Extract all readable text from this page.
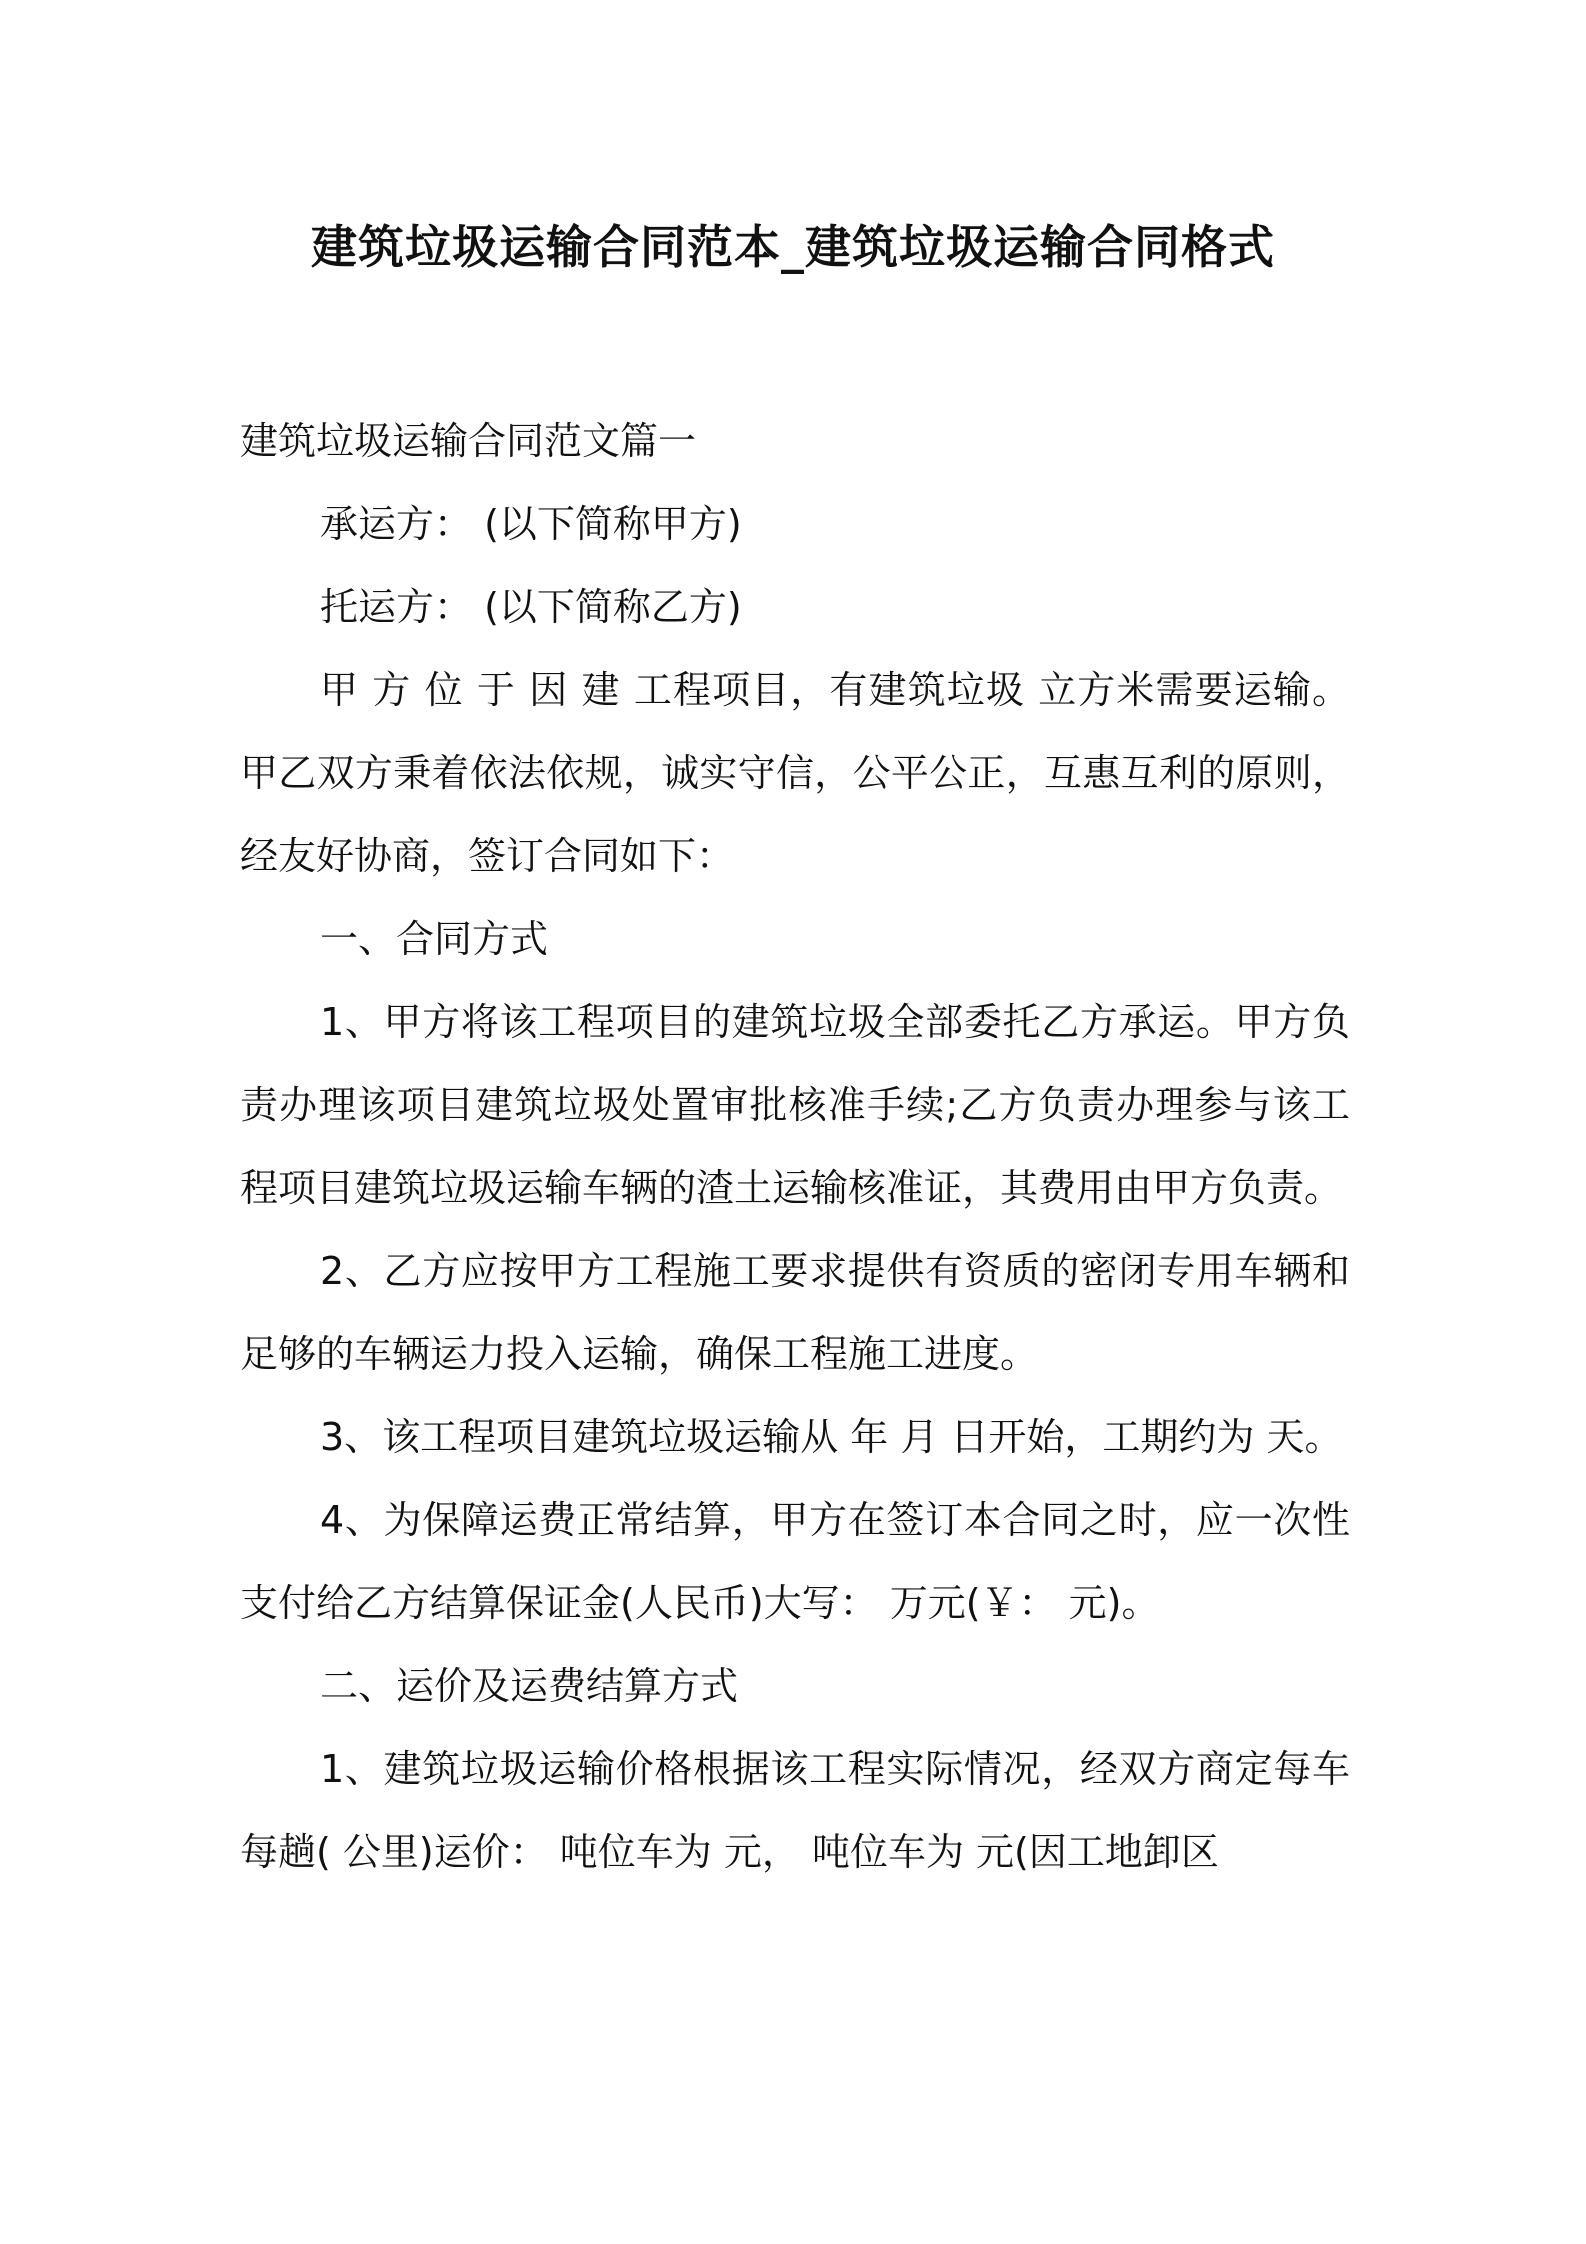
建筑垃圾运输合同范本_建筑垃圾运输合同格式

建筑垃圾运输合同范文篇一

承运方： (以下简称甲方)

托运方： (以下简称乙方)

甲 方 位 于 因 建 工程项目，有建筑垃圾 立方米需要运输。甲乙双方秉着依法依规，诚实守信，公平公正，互惠互利的原则，经友好协商，签订合同如下：

一、合同方式

1、甲方将该工程项目的建筑垃圾全部委托乙方承运。甲方负责办理该项目建筑垃圾处置审批核准手续;乙方负责办理参与该工程项目建筑垃圾运输车辆的渣土运输核准证，其费用由甲方负责。

2、乙方应按甲方工程施工要求提供有资质的密闭专用车辆和足够的车辆运力投入运输，确保工程施工进度。

3、该工程项目建筑垃圾运输从 年 月 日开始，工期约为 天。

4、为保障运费正常结算，甲方在签订本合同之时，应一次性支付给乙方结算保证金(人民币)大写： 万元(￥： 元)。

二、运价及运费结算方式

1、建筑垃圾运输价格根据该工程实际情况，经双方商定每车每趟( 公里)运价： 吨位车为 元， 吨位车为 元(因工地卸区
